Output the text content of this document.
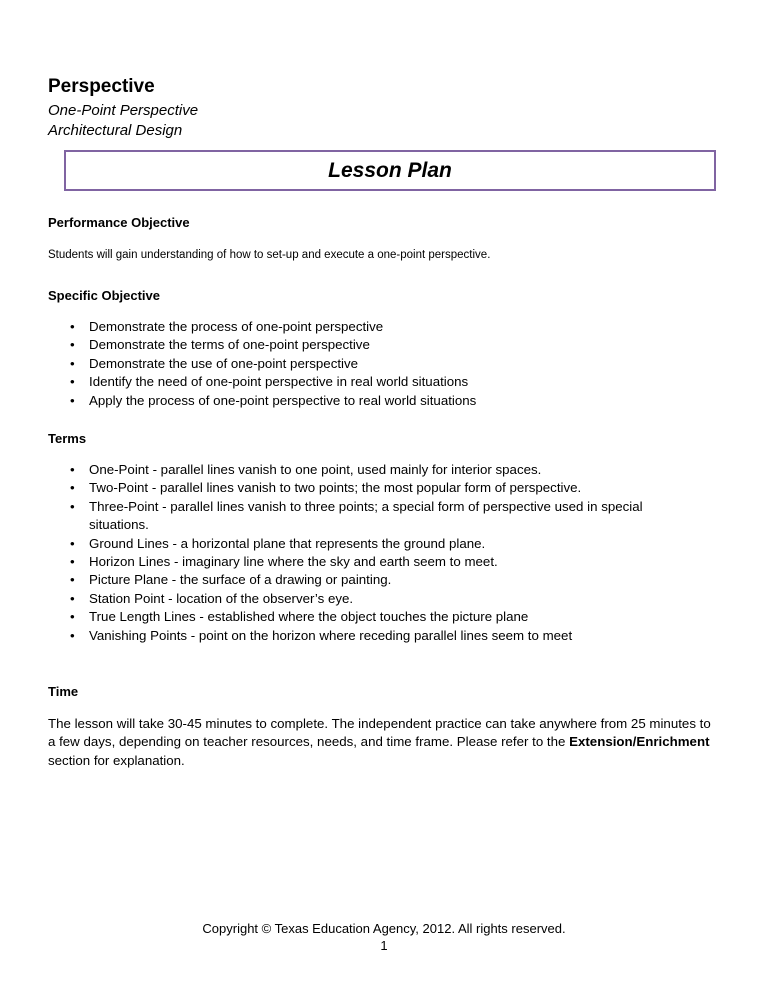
Perspective
One-Point Perspective
Architectural Design
Lesson Plan
Performance Objective
Students will gain understanding of how to set-up and execute a one-point perspective.
Specific Objective
• Demonstrate the process of one-point perspective
• Demonstrate the terms of one-point perspective
• Demonstrate the use of one-point perspective
• Identify the need of one-point perspective in real world situations
• Apply the process of one-point perspective to real world situations
Terms
• One-Point - parallel lines vanish to one point, used mainly for interior spaces.
• Two-Point - parallel lines vanish to two points; the most popular form of perspective.
• Three-Point - parallel lines vanish to three points; a special form of perspective used in special situations.
• Ground Lines - a horizontal plane that represents the ground plane.
• Horizon Lines - imaginary line where the sky and earth seem to meet.
• Picture Plane - the surface of a drawing or painting.
• Station Point - location of the observer’s eye.
• True Length Lines - established where the object touches the picture plane
• Vanishing Points - point on the horizon where receding parallel lines seem to meet
Time
The lesson will take 30-45 minutes to complete. The independent practice can take anywhere from 25 minutes to a few days, depending on teacher resources, needs, and time frame. Please refer to the Extension/Enrichment section for explanation.
Copyright © Texas Education Agency, 2012. All rights reserved.
1
